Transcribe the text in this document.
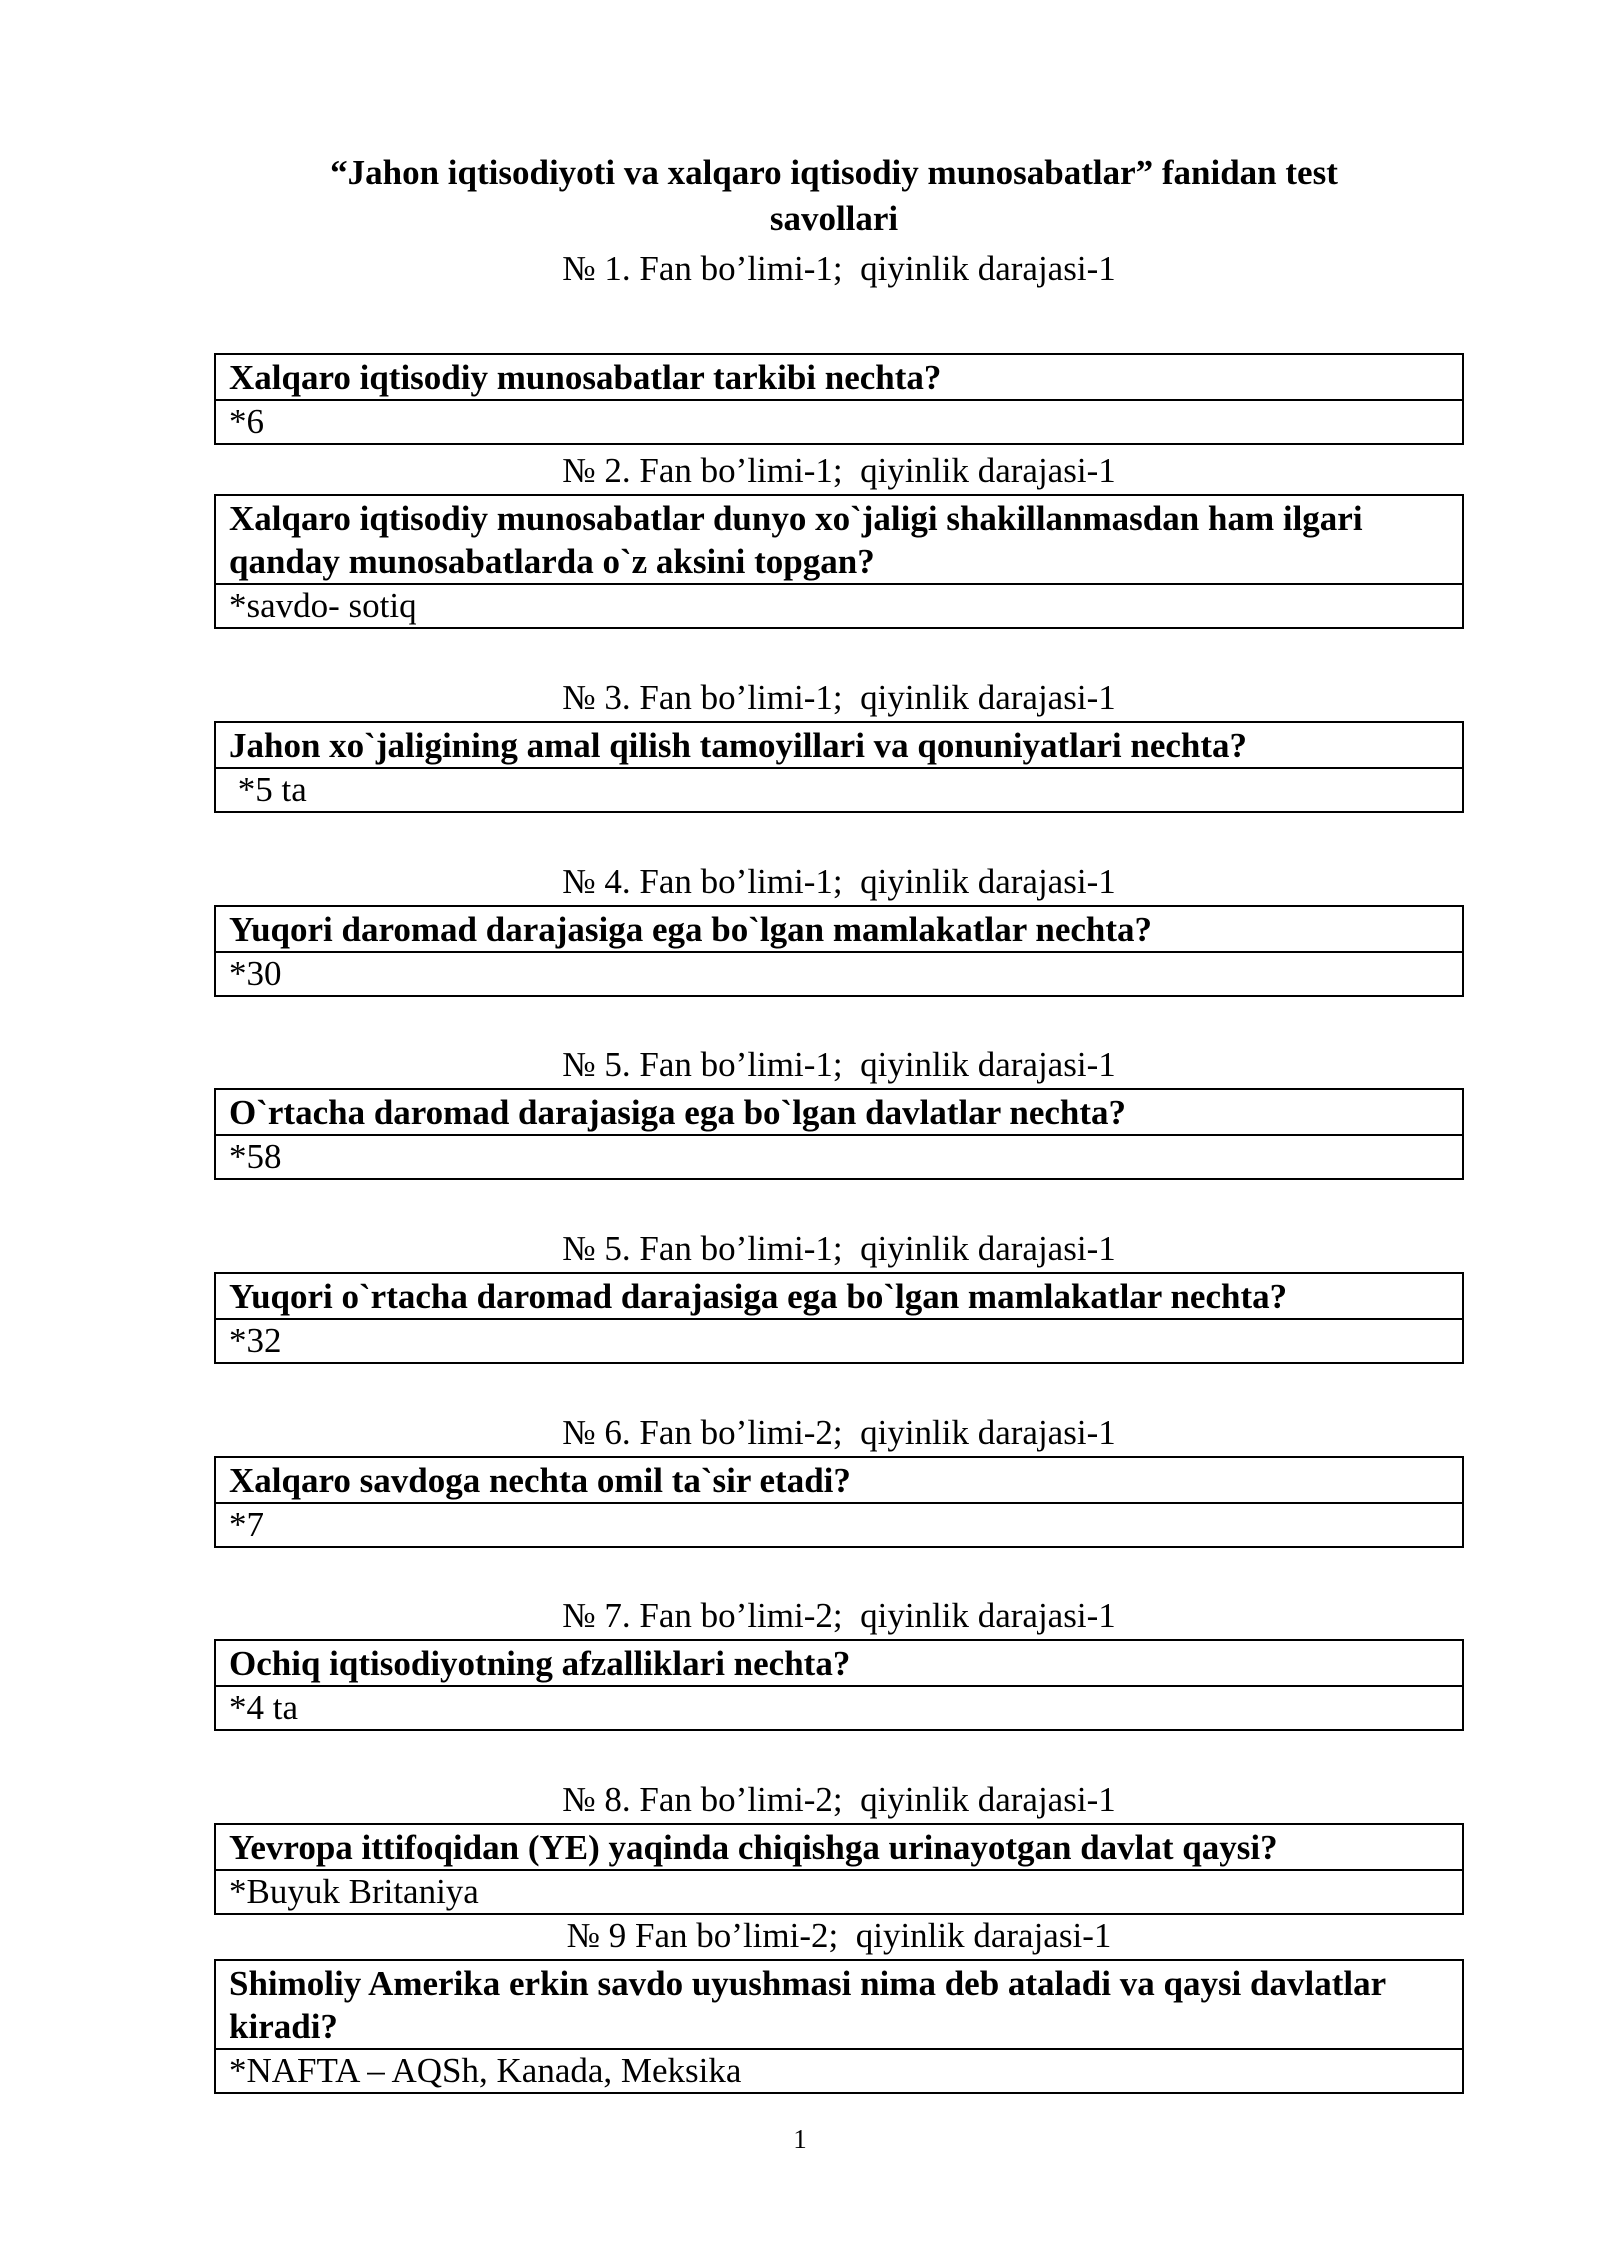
“Jahon iqtisodiyoti va xalqaro iqtisodiy munosabatlar” fanidan test savollari
№ 1. Fan bo’limi-1;  qiyinlik darajasi-1
Xalqaro iqtisodiy munosabatlar tarkibi nechta?
*6
№ 2. Fan bo’limi-1;  qiyinlik darajasi-1
Xalqaro iqtisodiy munosabatlar dunyo xo`jaligi shakillanmasdan ham ilgari qanday munosabatlarda o`z aksini topgan?
*savdo- sotiq
№ 3. Fan bo’limi-1;  qiyinlik darajasi-1
Jahon xo`jaligining amal qilish tamoyillari va qonuniyatlari nechta?
*5 ta
№ 4. Fan bo’limi-1;  qiyinlik darajasi-1
Yuqori daromad darajasiga ega bo`lgan mamlakatlar nechta?
*30
№ 5. Fan bo’limi-1;  qiyinlik darajasi-1
O`rtacha daromad darajasiga ega bo`lgan davlatlar nechta?
*58
№ 5. Fan bo’limi-1;  qiyinlik darajasi-1
Yuqori o`rtacha daromad darajasiga ega bo`lgan mamlakatlar nechta?
*32
№ 6. Fan bo’limi-2;  qiyinlik darajasi-1
Xalqaro savdoga nechta omil ta`sir etadi?
*7
№ 7. Fan bo’limi-2;  qiyinlik darajasi-1
Ochiq iqtisodiyotning afzalliklari nechta?
*4 ta
№ 8. Fan bo’limi-2;  qiyinlik darajasi-1
Yevropa ittifoqidan (YE) yaqinda chiqishga urinayotgan davlat qaysi?
*Buyuk Britaniya
№ 9 Fan bo’limi-2;  qiyinlik darajasi-1
Shimoliy Amerika erkin savdo uyushmasi nima deb ataladi va qaysi davlatlar kiradi?
*NAFTA – AQSh, Kanada, Meksika
1
